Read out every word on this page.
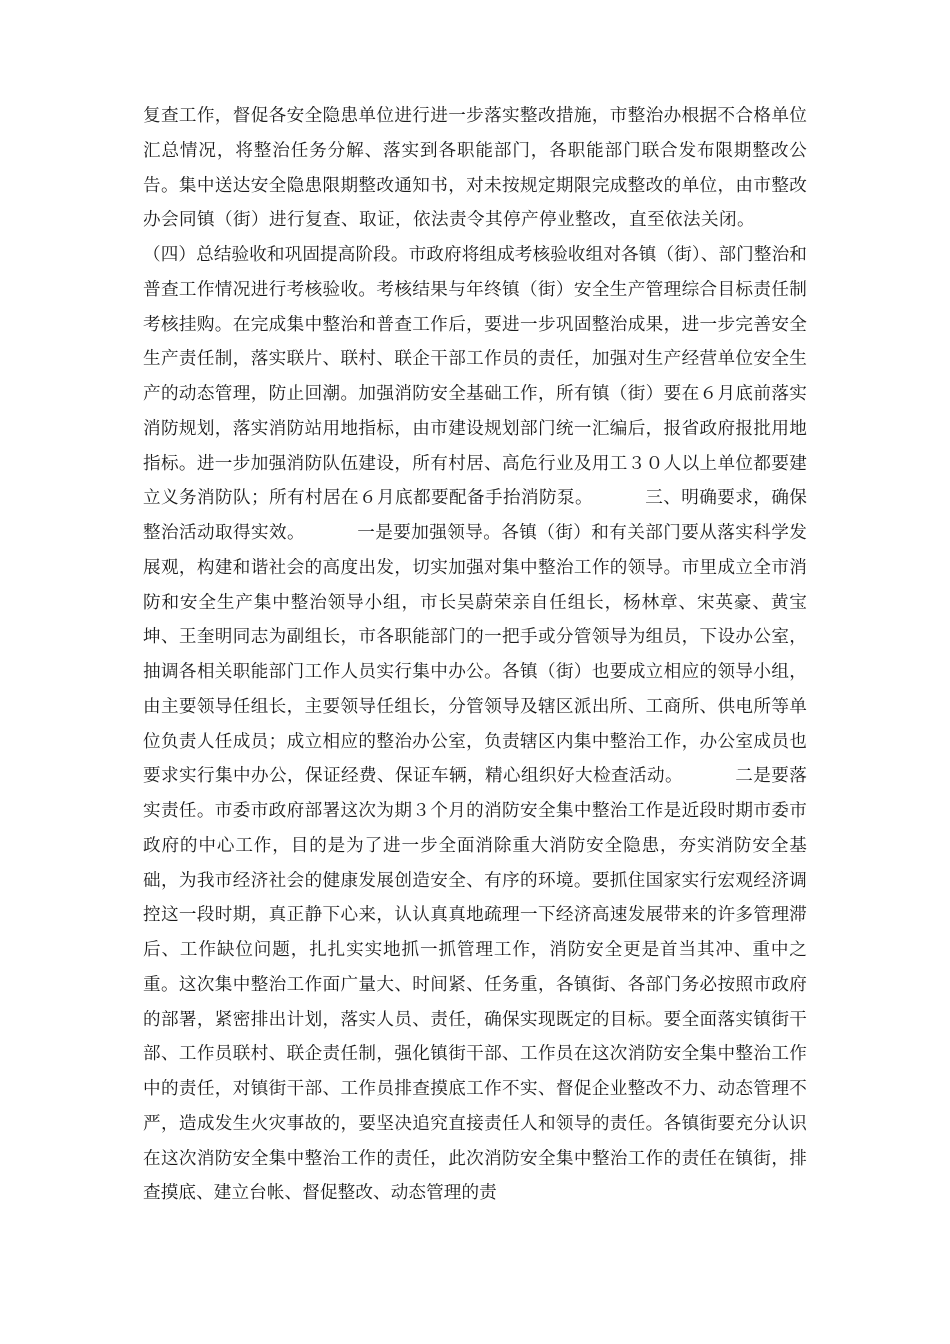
复查工作，督促各安全隐患单位进行进一步落实整改措施，市整治办根据不合格单位汇总情况，将整治任务分解、落实到各职能部门，各职能部门联合发布限期整改公告。集中送达安全隐患限期整改通知书，对未按规定期限完成整改的单位，由市整改办会同镇（街）进行复查、取证，依法责令其停产停业整改，直至依法关闭。（四）总结验收和巩固提高阶段。市政府将组成考核验收组对各镇（街）、部门整治和普查工作情况进行考核验收。考核结果与年终镇（街）安全生产管理综合目标责任制考核挂购。在完成集中整治和普查工作后，要进一步巩固整治成果，进一步完善安全生产责任制，落实联片、联村、联企干部工作员的责任，加强对生产经营单位安全生产的动态管理，防止回潮。加强消防安全基础工作，所有镇（街）要在６月底前落实消防规划，落实消防站用地指标，由市建设规划部门统一汇编后，报省政府报批用地指标。进一步加强消防队伍建设，所有村居、高危行业及用工３０人以上单位都要建立义务消防队；所有村居在６月底都要配备手抬消防泵。	三、明确要求，确保整治活动取得实效。	一是要加强领导。各镇（街）和有关部门要从落实科学发展观，构建和谐社会的高度出发，切实加强对集中整治工作的领导。市里成立全市消防和安全生产集中整治领导小组，市长吴蔚荣亲自任组长，杨林章、宋英豪、黄宝坤、王奎明同志为副组长，市各职能部门的一把手或分管领导为组员，下设办公室，抽调各相关职能部门工作人员实行集中办公。各镇（街）也要成立相应的领导小组，由主要领导任组长，主要领导任组长，分管领导及辖区派出所、工商所、供电所等单位负责人任成员；成立相应的整治办公室，负责辖区内集中整治工作，办公室成员也要求实行集中办公，保证经费、保证车辆，精心组织好大检查活动。	二是要落实责任。市委市政府部署这次为期３个月的消防安全集中整治工作是近段时期市委市政府的中心工作，目的是为了进一步全面消除重大消防安全隐患，夯实消防安全基础，为我市经济社会的健康发展创造安全、有序的环境。要抓住国家实行宏观经济调控这一段时期，真正静下心来，认认真真地疏理一下经济高速发展带来的许多管理滞后、工作缺位问题，扎扎实实地抓一抓管理工作，消防安全更是首当其冲、重中之重。这次集中整治工作面广量大、时间紧、任务重，各镇街、各部门务必按照市政府的部署，紧密排出计划，落实人员、责任，确保实现既定的目标。要全面落实镇街干部、工作员联村、联企责任制，强化镇街干部、工作员在这次消防安全集中整治工作中的责任，对镇街干部、工作员排查摸底工作不实、督促企业整改不力、动态管理不严，造成发生火灾事故的，要坚决追究直接责任人和领导的责任。各镇街要充分认识在这次消防安全集中整治工作的责任，此次消防安全集中整治工作的责任在镇街，排查摸底、建立台帐、督促整改、动态管理的责
